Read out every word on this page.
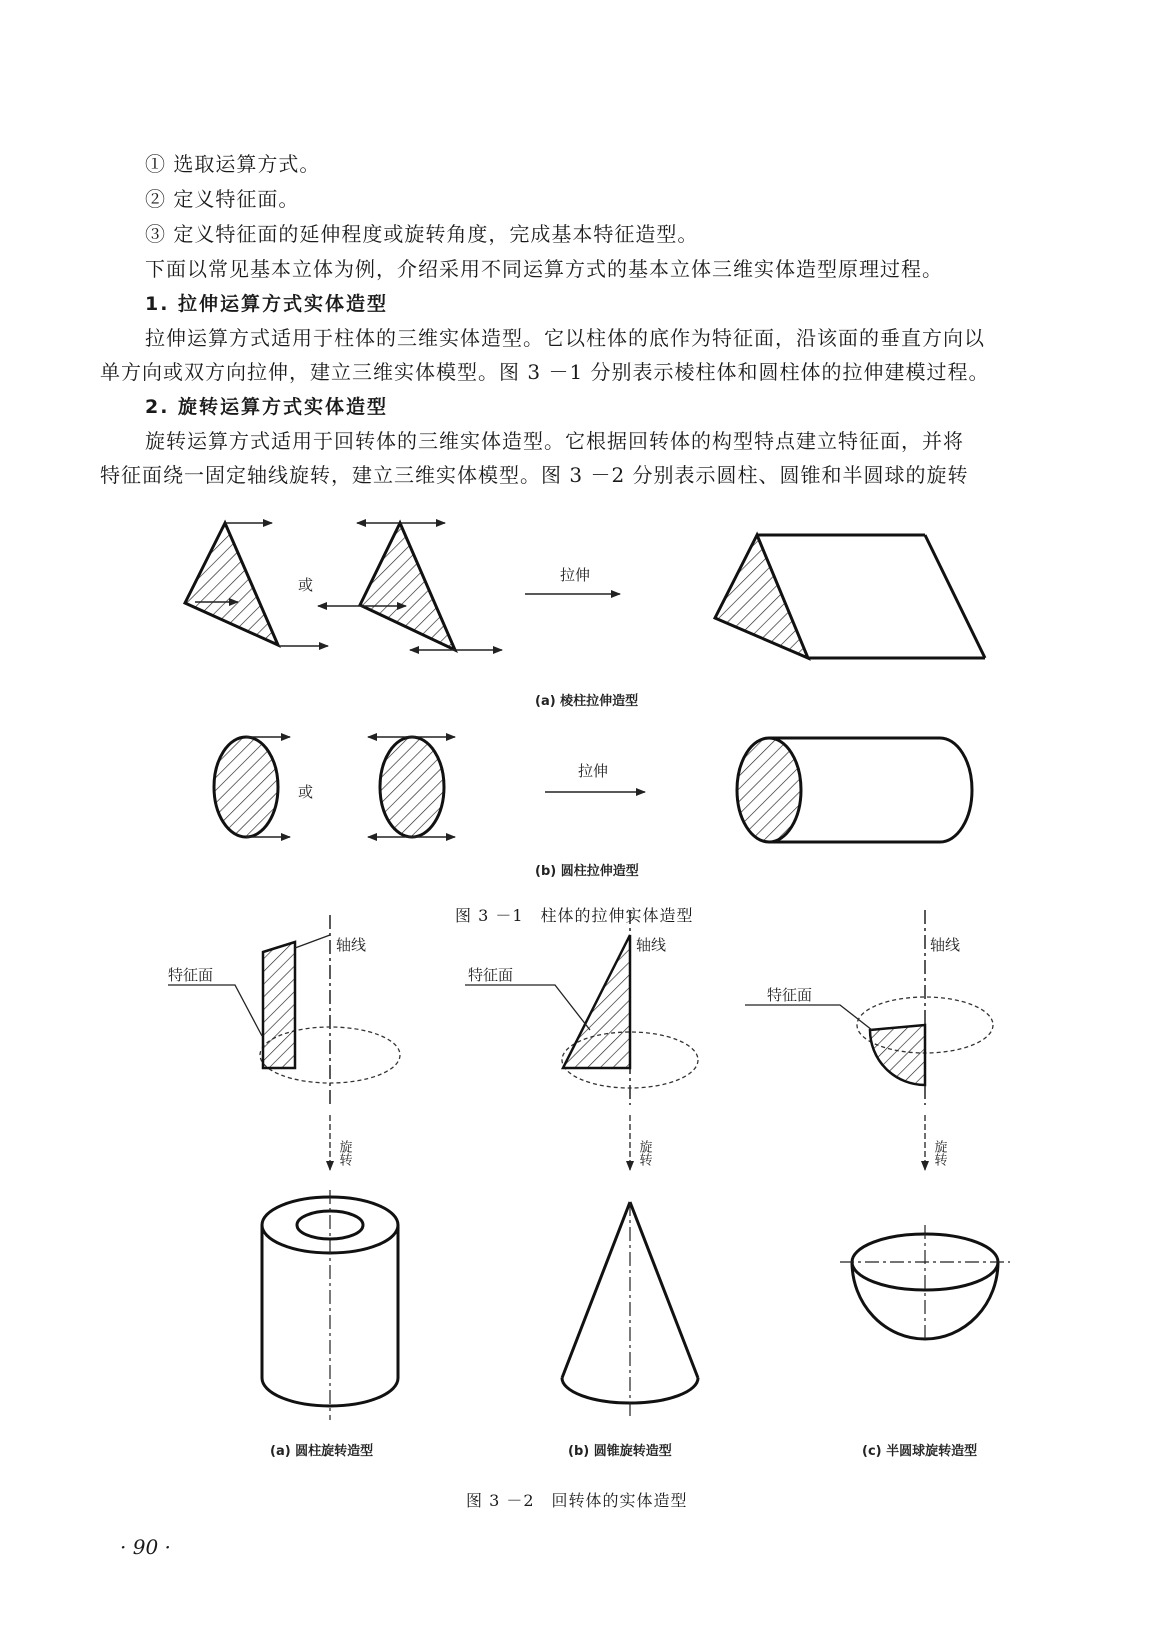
① 选取运算方式。
② 定义特征面。
③ 定义特征面的延伸程度或旋转角度，完成基本特征造型。
下面以常见基本立体为例，介绍采用不同运算方式的基本立体三维实体造型原理过程。
1. 拉伸运算方式实体造型
拉伸运算方式适用于柱体的三维实体造型。它以柱体的底作为特征面，沿该面的垂直方向以
单方向或双方向拉伸，建立三维实体模型。图 3 －1 分别表示棱柱体和圆柱体的拉伸建模过程。
2. 旋转运算方式实体造型
旋转运算方式适用于回转体的三维实体造型。它根据回转体的构型特点建立特征面，并将
特征面绕一固定轴线旋转，建立三维实体模型。图 3 －2 分别表示圆柱、圆锥和半圆球的旋转
或
拉伸
(a) 棱柱拉伸造型
或
拉伸
(b) 圆柱拉伸造型
轴线
特征面
旋转
(a) 圆柱旋转造型
轴线
特征面
旋转
(b) 圆锥旋转造型
轴线
特征面
旋转
(c) 半圆球旋转造型
图 3 －1　柱体的拉伸实体造型
图 3 －2　回转体的实体造型
· 90 ·
